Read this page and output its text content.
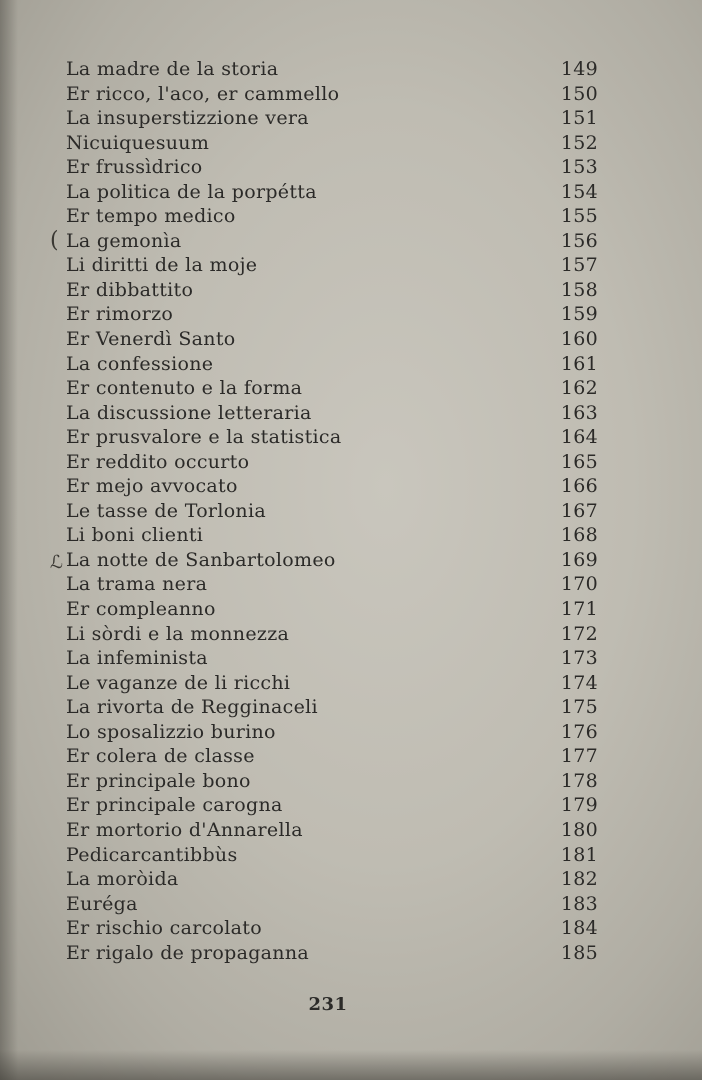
(
ℒ
La madre de la storia	149
Er ricco, l'aco, er cammello	150
La insuperstizzione vera	151
Nicuiquesuum	152
Er frussìdrico	153
La politica de la porpétta	154
Er tempo medico	155
La gemonìa	156
Li diritti de la moje	157
Er dibbattito	158
Er rimorzo	159
Er Venerdì Santo	160
La confessione	161
Er contenuto e la forma	162
La discussione letteraria	163
Er prusvalore e la statistica	164
Er reddito occurto	165
Er mejo avvocato	166
Le tasse de Torlonia	167
Li boni clienti	168
La notte de Sanbartolomeo	169
La trama nera	170
Er compleanno	171
Li sòrdi e la monnezza	172
La infeminista	173
Le vaganze de li ricchi	174
La rivorta de Regginaceli	175
Lo sposalizzio burino	176
Er colera de classe	177
Er principale bono	178
Er principale carogna	179
Er mortorio d'Annarella	180
Pedicarcantibbùs	181
La moròida	182
Eurégа	183
Er rischio carcolato	184
Er rigalo de propaganna	185
231
